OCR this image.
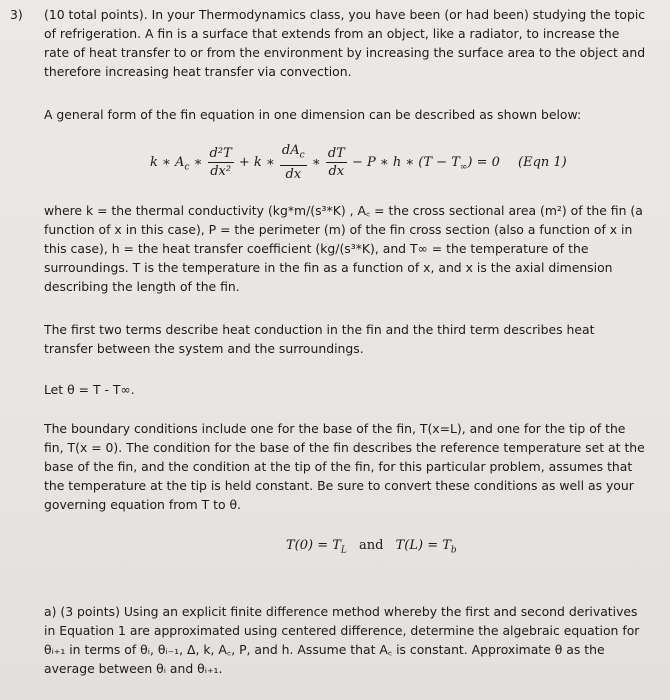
3) (10 total points). In your Thermodynamics class, you have been (or had been) studying the topic

of refrigeration. A fin is a surface that extends from an object, like a radiator, to increase the

rate of heat transfer to or from the environment by increasing the surface area to the object and

therefore increasing heat transfer via convection.

A general form of the fin equation in one dimension can be described as shown below:

k ∗ $A_c$ ∗ $\frac{\text{d²T}}{\text{dx²}} + k$ ∗ $\frac{dA_c}{dx}$ ∗ $\frac{dT}{dx} - P$ ∗ h ∗ $(T - T_\infty) = 0$ (Eqn 1)

where k = the thermal conductivity (kg*m/(s³*K) , A꜀ = the cross sectional area (m²) of the fin (a

function of x in this case), P = the perimeter (m) of the fin cross section (also a function of x in

this case), h = the heat transfer coefficient (kg/(s³*K), and T∞ = the temperature of the

surroundings. T is the temperature in the fin as a function of x, and x is the axial dimension

describing the length of the fin.

The first two terms describe heat conduction in the fin and the third term describes heat

transfer between the system and the surroundings.

Let θ = T - T∞.

The boundary conditions include one for the base of the fin, T(x=L), and one for the tip of the

fin, T(x = 0). The condition for the base of the fin describes the reference temperature set at the

base of the fin, and the condition at the tip of the fin, for this particular problem, assumes that

the temperature at the tip is held constant. Be sure to convert these conditions as well as your

governing equation from T to θ.

$T(0) = T_L$ and $T(L) = T_b$

a) (3 points) Using an explicit finite difference method whereby the first and second derivatives

in Equation 1 are approximated using centered difference, determine the algebraic equation for

θᵢ₊₁ in terms of θᵢ, θᵢ₋₁, Δ, k, A꜀, P, and h. Assume that A꜀ is constant. Approximate θ as the

average between θᵢ and θᵢ₊₁.
